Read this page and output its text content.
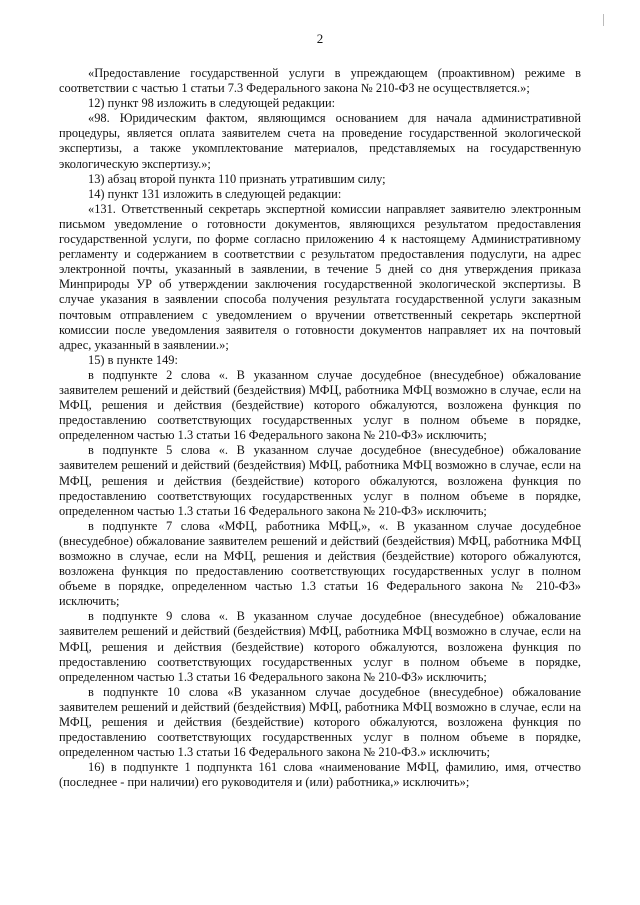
2

«Предоставление государственной услуги в упреждающем (проактивном) режиме в соответствии с частью 1 статьи 7.3 Федерального закона № 210-ФЗ не осуществляется.»;

12) пункт 98 изложить в следующей редакции:

«98. Юридическим фактом, являющимся основанием для начала административной процедуры, является оплата заявителем счета на проведение государственной экологической экспертизы, а также укомплектование материалов, представляемых на государственную экологическую экспертизу.»;

13) абзац второй пункта 110 признать утратившим силу;

14) пункт 131 изложить в следующей редакции:

«131. Ответственный секретарь экспертной комиссии направляет заявителю электронным письмом уведомление о готовности документов, являющихся результатом предоставления государственной услуги, по форме согласно приложению 4 к настоящему Административному регламенту и содержанием в соответствии с результатом предоставления подуслуги, на адрес электронной почты, указанный в заявлении, в течение 5 дней со дня утверждения приказа Минприроды УР об утверждении заключения государственной экологической экспертизы. В случае указания в заявлении способа получения результата государственной услуги заказным почтовым отправлением с уведомлением о вручении ответственный секретарь экспертной комиссии после уведомления заявителя о готовности документов направляет их на почтовый адрес, указанный в заявлении.»;

15) в пункте 149:

в подпункте 2 слова «. В указанном случае досудебное (внесудебное) обжалование заявителем решений и действий (бездействия) МФЦ, работника МФЦ возможно в случае, если на МФЦ, решения и действия (бездействие) которого обжалуются, возложена функция по предоставлению соответствующих государственных услуг в полном объеме в порядке, определенном частью 1.3 статьи 16 Федерального закона № 210-ФЗ» исключить;

в подпункте 5 слова «. В указанном случае досудебное (внесудебное) обжалование заявителем решений и действий (бездействия) МФЦ, работника МФЦ возможно в случае, если на МФЦ, решения и действия (бездействие) которого обжалуются, возложена функция по предоставлению соответствующих государственных услуг в полном объеме в порядке, определенном частью 1.3 статьи 16 Федерального закона № 210-ФЗ» исключить;

в подпункте 7 слова «МФЦ, работника МФЦ,», «. В указанном случае досудебное (внесудебное) обжалование заявителем решений и действий (бездействия) МФЦ, работника МФЦ возможно в случае, если на МФЦ, решения и действия (бездействие) которого обжалуются, возложена функция по предоставлению соответствующих государственных услуг в полном объеме в порядке, определенном частью 1.3 статьи 16 Федерального закона № 210-ФЗ» исключить;

в подпункте 9 слова «. В указанном случае досудебное (внесудебное) обжалование заявителем решений и действий (бездействия) МФЦ, работника МФЦ возможно в случае, если на МФЦ, решения и действия (бездействие) которого обжалуются, возложена функция по предоставлению соответствующих государственных услуг в полном объеме в порядке, определенном частью 1.3 статьи 16 Федерального закона № 210-ФЗ» исключить;

в подпункте 10 слова «В указанном случае досудебное (внесудебное) обжалование заявителем решений и действий (бездействия) МФЦ, работника МФЦ возможно в случае, если на МФЦ, решения и действия (бездействие) которого обжалуются, возложена функция по предоставлению соответствующих государственных услуг в полном объеме в порядке, определенном частью 1.3 статьи 16 Федерального закона № 210-ФЗ.» исключить;

16) в подпункте 1 подпункта 161 слова «наименование МФЦ, фамилию, имя, отчество (последнее - при наличии) его руководителя и (или) работника,» исключить»;
